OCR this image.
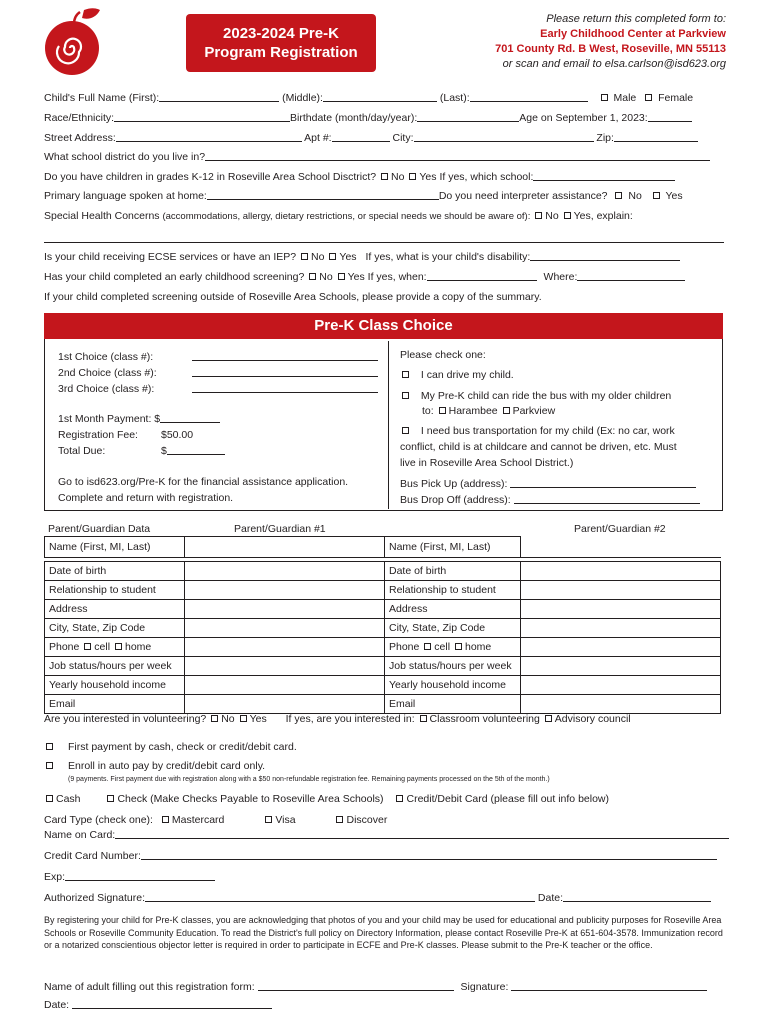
2023-2024 Pre-K
Program Registration
Please return this completed form to:
Early Childhood Center at Parkview
701 County Rd. B West, Roseville, MN 55113
or scan and email to elsa.carlson@isd623.org
Child's Full Name (First):	(Middle):	(Last):	Male Female
Race/Ethnicity:	Birthdate (month/day/year):	Age on September 1, 2023:
Street Address:	Apt #:	City:	Zip:
What school district do you live in?
Do you have children in grades K-12 in Roseville Area School Disctrict? No Yes If yes, which school:
Primary language spoken at home:	Do you need interpreter assistance? No Yes
Special Health Concerns (accommodations, allergy, dietary restrictions, or special needs we should be aware of): No Yes, explain:
Is your child receiving ECSE services or have an IEP? No Yes If yes, what is your child's disability:
Has your child completed an early childhood screening? No Yes If yes, when:	Where:
If your child completed screening outside of Roseville Area Schools, please provide a copy of the summary.
Pre-K Class Choice
1st Choice (class #):
2nd Choice (class #):
3rd Choice (class #):
1st Month Payment: $
Registration Fee: $50.00
Total Due:	$
Go to isd623.org/Pre-K for the financial assistance application.
Complete and return with registration.
Please check one:
I can drive my child.
My Pre-K child can ride the bus with my older children
to: Harambee Parkview
I need bus transportation for my child (Ex: no car, work
conflict, child is at childcare and cannot be driven, etc. Must
live in Roseville Area School District.)
Bus Pick Up (address):
Bus Drop Off (address):
Parent/Guardian Data	Parent/Guardian #1	Parent/Guardian #2
Name (First, MI, Last)		Name (First, MI, Last)	

Date of birth		Date of birth	
Relationship to student		Relationship to student	
Address		Address	
City, State, Zip Code		City, State, Zip Code	
Phone cell home		Phone cell home	
Job status/hours per week		Job status/hours per week	
Yearly household income		Yearly household income	
Email		Email	
Are you interested in volunteering? No Yes If yes, are you interested in: Classroom volunteering Advisory council
First payment by cash, check or credit/debit card.
Enroll in auto pay by credit/debit card only.
(9 payments. First payment due with registration along with a $50 non-refundable registration fee. Remaining payments processed on the 5th of the month.)
Cash	Check (Make Checks Payable to Roseville Area Schools) Credit/Debit Card (please fill out info below)
Card Type (check one): Mastercard	Visa	Discover
Name on Card:
Credit Card Number:
Exp:
Authorized Signature:	Date:
By registering your child for Pre-K classes, you are acknowledging that photos of you and your child may be used for educational and publicity purposes for Roseville Area Schools or Roseville Community Education. To read the District's full policy on Directory Information, please contact Roseville Pre-K at 651-604-3578. Immunization record or a notarized conscientious objector letter is required in order to participate in ECFE and Pre-K classes. Please submit to the Pre-K teacher or the office.
Name of adult filling out this registration form:	Signature:
Date:
